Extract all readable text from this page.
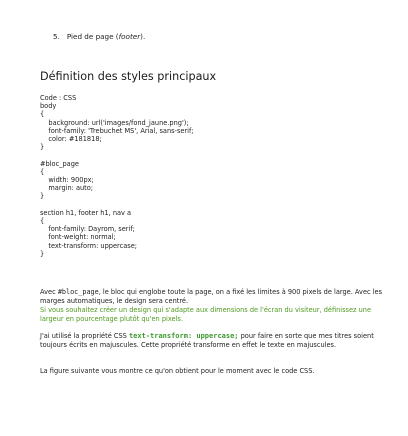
5. Pied de page (footer).
Définition des styles principaux
Code : CSS
body
{
background: url('images/fond_jaune.png');
font-family: 'Trebuchet MS', Arial, sans-serif;
color: #181818;
}

#bloc_page
{
width: 900px;
margin: auto;
}

section h1, footer h1, nav a
{
font-family: Dayrom, serif;
font-weight: normal;
text-transform: uppercase;
}

Avec #bloc_page, le bloc qui englobe toute la page, on a fixé les limites à 900 pixels de large. Avec les marges automatiques, le design sera centré.
Si vous souhaitez créer un design qui s'adapte aux dimensions de l'écran du visiteur, définissez une largeur en pourcentage plutôt qu'en pixels.

J'ai utilisé la propriété CSS text-transform: uppercase; pour faire en sorte que mes titres soient toujours écrits en majuscules. Cette propriété transforme en effet le texte en majuscules.

La figure suivante vous montre ce qu'on obtient pour le moment avec le code CSS.
